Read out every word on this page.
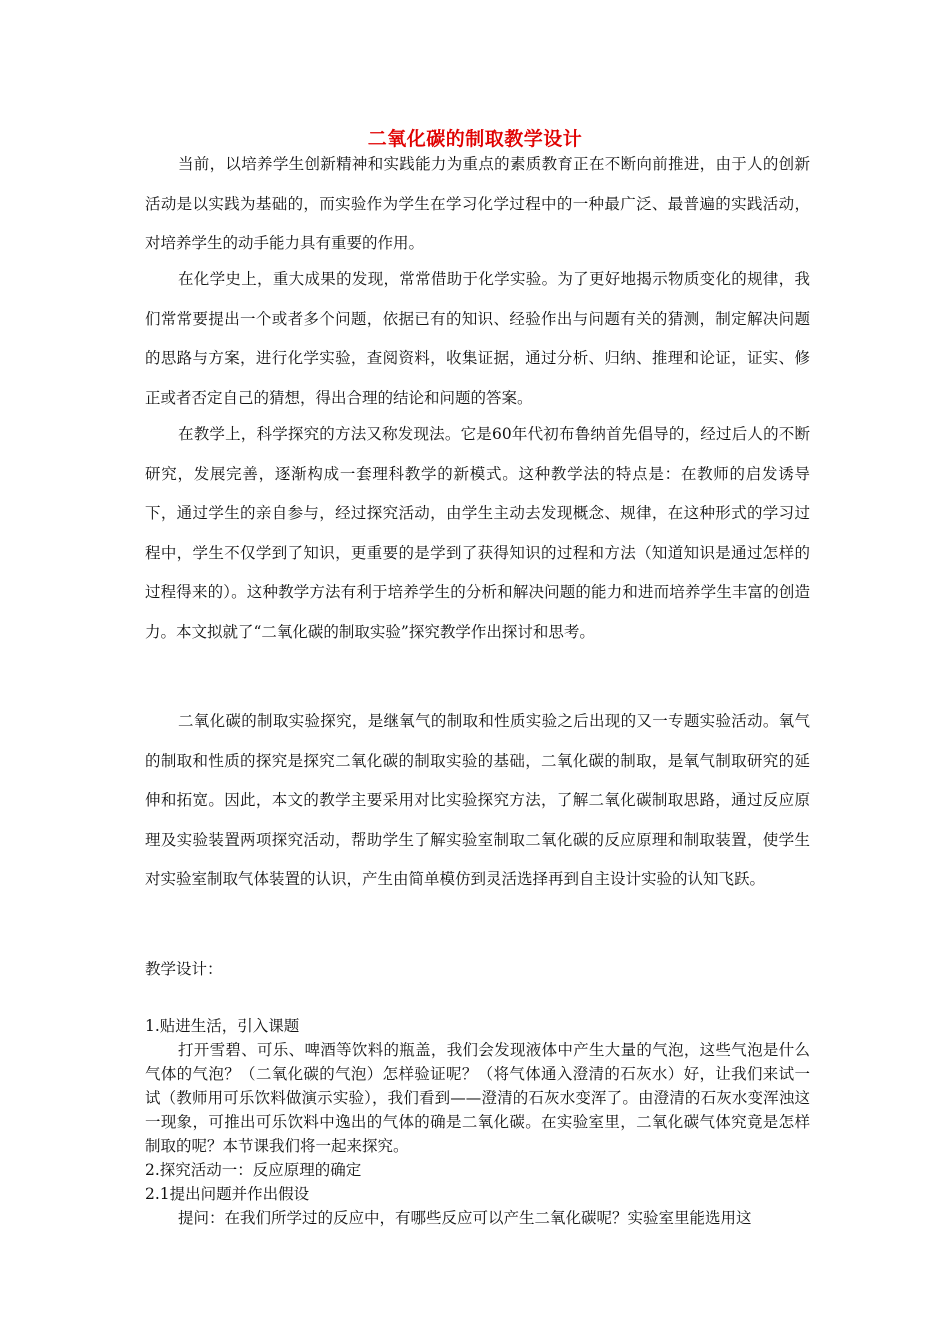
二氧化碳的制取教学设计

当前，以培养学生创新精神和实践能力为重点的素质教育正在不断向前推进，由于人的创新活动是以实践为基础的，而实验作为学生在学习化学过程中的一种最广泛、最普遍的实践活动，对培养学生的动手能力具有重要的作用。

在化学史上，重大成果的发现，常常借助于化学实验。为了更好地揭示物质变化的规律，我们常常要提出一个或者多个问题，依据已有的知识、经验作出与问题有关的猜测，制定解决问题的思路与方案，进行化学实验，查阅资料，收集证据，通过分析、归纳、推理和论证，证实、修正或者否定自己的猜想，得出合理的结论和问题的答案。

在教学上，科学探究的方法又称发现法。它是60年代初布鲁纳首先倡导的，经过后人的不断研究，发展完善，逐渐构成一套理科教学的新模式。这种教学法的特点是：在教师的启发诱导下，通过学生的亲自参与，经过探究活动，由学生主动去发现概念、规律，在这种形式的学习过程中，学生不仅学到了知识，更重要的是学到了获得知识的过程和方法（知道知识是通过怎样的过程得来的）。这种教学方法有利于培养学生的分析和解决问题的能力和进而培养学生丰富的创造力。本文拟就了“二氧化碳的制取实验”探究教学作出探讨和思考。

二氧化碳的制取实验探究，是继氧气的制取和性质实验之后出现的又一专题实验活动。氧气的制取和性质的探究是探究二氧化碳的制取实验的基础，二氧化碳的制取，是氧气制取研究的延伸和拓宽。因此，本文的教学主要采用对比实验探究方法，了解二氧化碳制取思路，通过反应原理及实验装置两项探究活动，帮助学生了解实验室制取二氧化碳的反应原理和制取装置，使学生对实验室制取气体装置的认识，产生由简单模仿到灵活选择再到自主设计实验的认知飞跃。

教学设计：

1.贴进生活，引入课题

打开雪碧、可乐、啤酒等饮料的瓶盖，我们会发现液体中产生大量的气泡，这些气泡是什么气体的气泡？（二氧化碳的气泡）怎样验证呢？（将气体通入澄清的石灰水）好，让我们来试一试（教师用可乐饮料做演示实验），我们看到——澄清的石灰水变浑了。由澄清的石灰水变浑浊这一现象，可推出可乐饮料中逸出的气体的确是二氧化碳。在实验室里，二氧化碳气体究竟是怎样制取的呢？本节课我们将一起来探究。

2.探究活动一：反应原理的确定

2.1提出问题并作出假设

提问：在我们所学过的反应中，有哪些反应可以产生二氧化碳呢？实验室里能选用这
